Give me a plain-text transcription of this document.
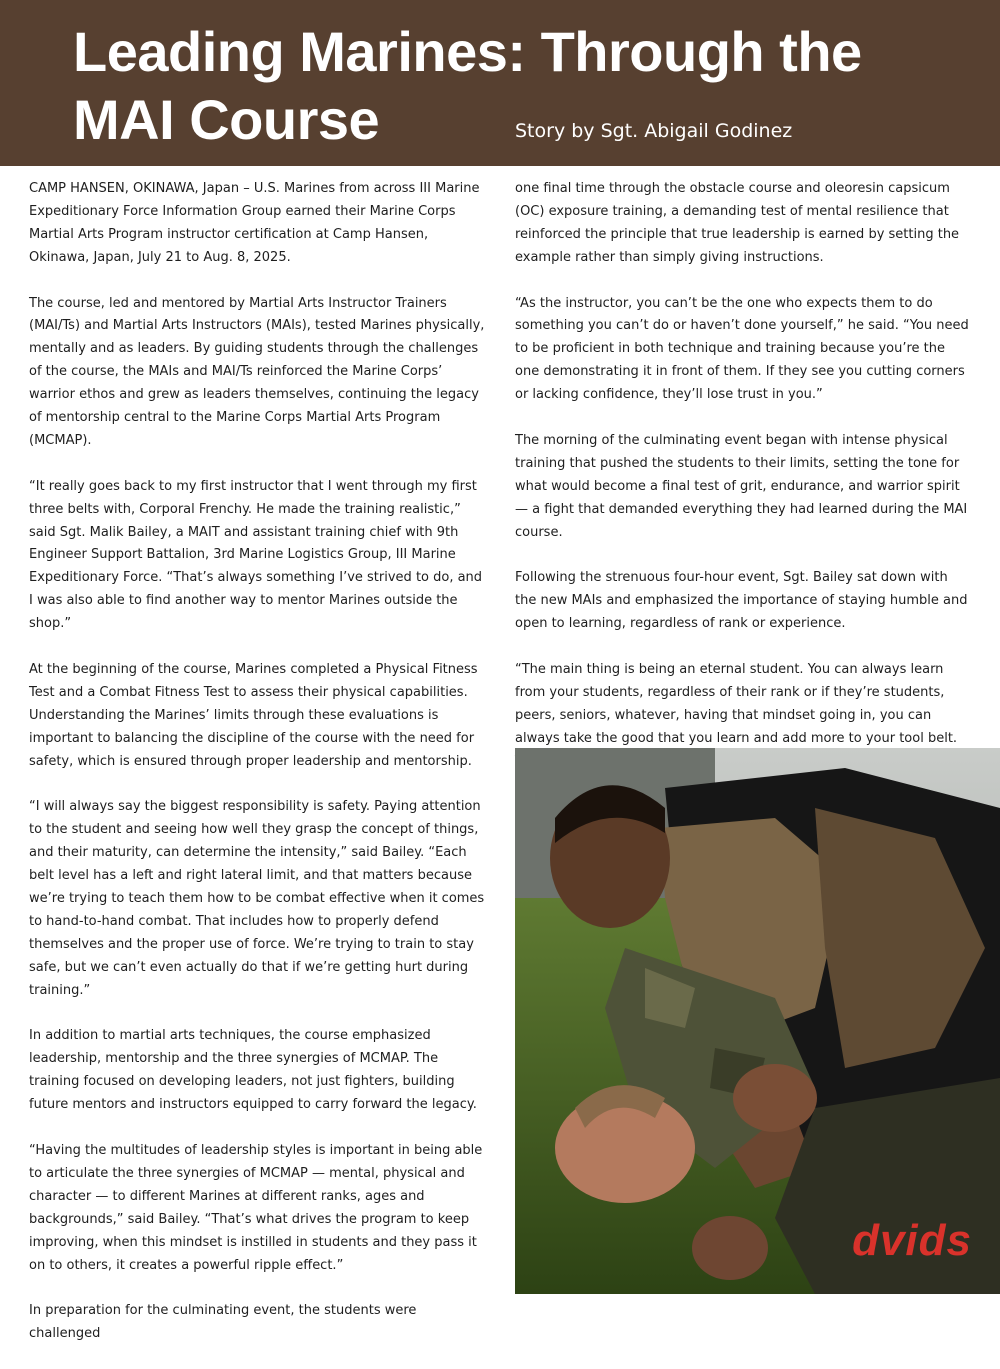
Leading Marines: Through the MAI Course	Story by Sgt. Abigail Godinez

CAMP HANSEN, OKINAWA, Japan – U.S. Marines from across III Marine Expeditionary Force Information Group earned their Marine Corps Martial Arts Program instructor certification at Camp Hansen, Okinawa, Japan, July 21 to Aug. 8, 2025.

The course, led and mentored by Martial Arts Instructor Trainers (MAI/Ts) and Martial Arts Instructors (MAIs), tested Marines physically, mentally and as leaders. By guiding students through the challenges of the course, the MAIs and MAI/Ts reinforced the Marine Corps’ warrior ethos and grew as leaders themselves, continuing the legacy of mentorship central to the Marine Corps Martial Arts Program (MCMAP).

“It really goes back to my first instructor that I went through my first three belts with, Corporal Frenchy. He made the training realistic,” said Sgt. Malik Bailey, a MAIT and assistant training chief with 9th Engineer Support Battalion, 3rd Marine Logistics Group, III Marine Expeditionary Force. “That’s always something I’ve strived to do, and I was also able to find another way to mentor Marines outside the shop.”

At the beginning of the course, Marines completed a Physical Fitness Test and a Combat Fitness Test to assess their physical capabilities. Understanding the Marines’ limits through these evaluations is important to balancing the discipline of the course with the need for safety, which is ensured through proper leadership and mentorship.

“I will always say the biggest responsibility is safety. Paying attention to the student and seeing how well they grasp the concept of things, and their maturity, can determine the intensity,” said Bailey. “Each belt level has a left and right lateral limit, and that matters because we’re trying to teach them how to be combat effective when it comes to hand-to-hand combat. That includes how to properly defend themselves and the proper use of force. We’re trying to train to stay safe, but we can’t even actually do that if we’re getting hurt during training.”

In addition to martial arts techniques, the course emphasized leadership, mentorship and the three synergies of MCMAP. The training focused on developing leaders, not just fighters, building future mentors and instructors equipped to carry forward the legacy.

“Having the multitudes of leadership styles is important in being able to articulate the three synergies of MCMAP — mental, physical and character — to different Marines at different ranks, ages and backgrounds,” said Bailey. “That’s what drives the program to keep improving, when this mindset is instilled in students and they pass it on to others, it creates a powerful ripple effect.”

In preparation for the culminating event, the students were challenged

one final time through the obstacle course and oleoresin capsicum (OC) exposure training, a demanding test of mental resilience that reinforced the principle that true leadership is earned by setting the example rather than simply giving instructions.

“As the instructor, you can’t be the one who expects them to do something you can’t do or haven’t done yourself,” he said. “You need to be proficient in both technique and training because you’re the one demonstrating it in front of them. If they see you cutting corners or lacking confidence, they’ll lose trust in you.”

The morning of the culminating event began with intense physical training that pushed the students to their limits, setting the tone for what would become a final test of grit, endurance, and warrior spirit — a fight that demanded everything they had learned during the MAI course.

Following the strenuous four-hour event, Sgt. Bailey sat down with the new MAIs and emphasized the importance of staying humble and open to learning, regardless of rank or experience.

“The main thing is being an eternal student. You can always learn from your students, regardless of their rank or if they’re students, peers, seniors, whatever, having that mindset going in, you can always take the good that you learn and add more to your tool belt.

dvids
